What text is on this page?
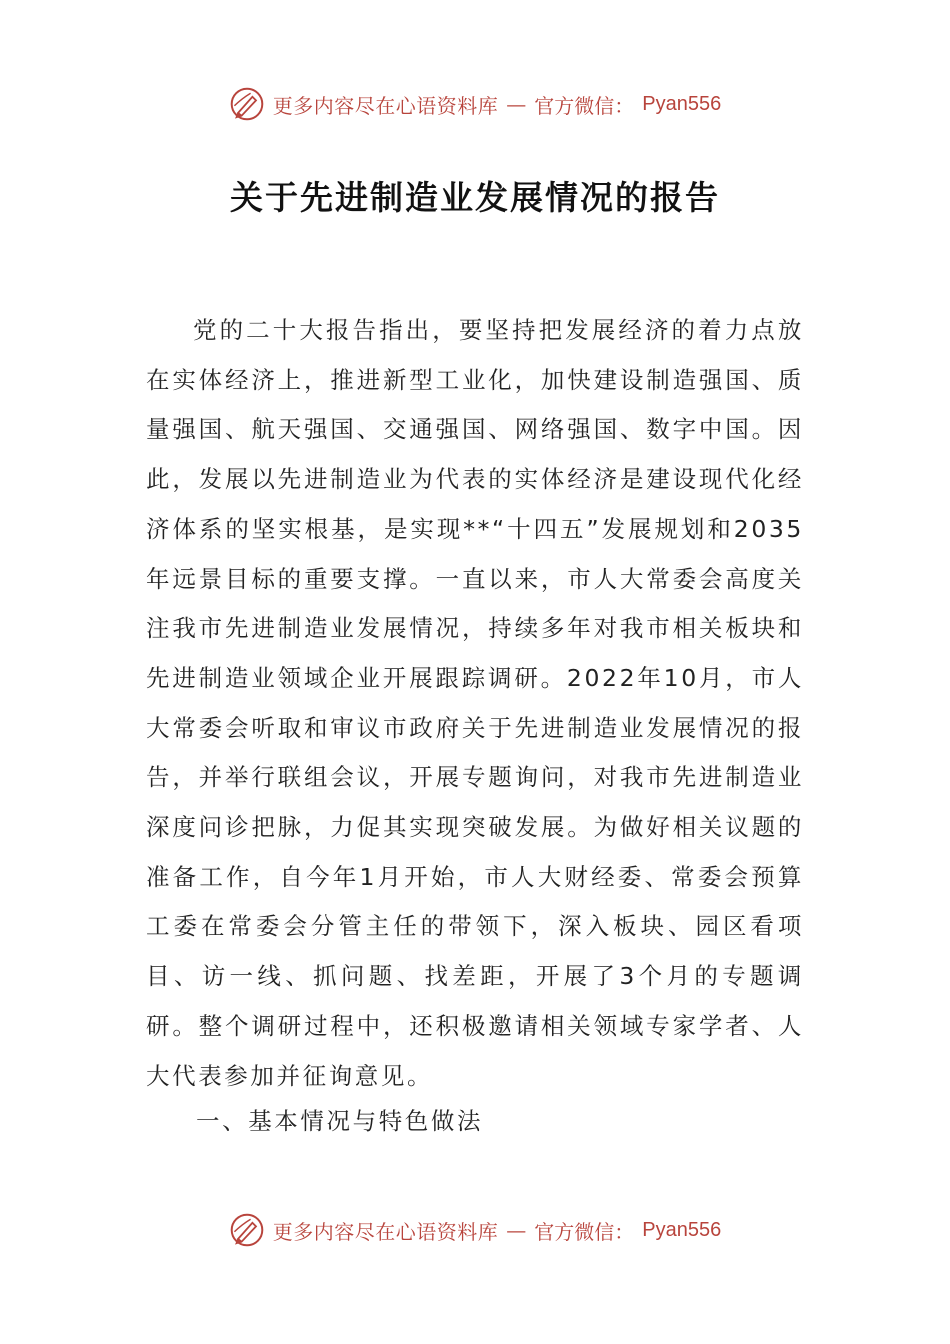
更多内容尽在心语资料库 — 官方微信： Pyan556
关于先进制造业发展情况的报告

党的二十大报告指出，要坚持把发展经济的着力点放在实体经济上，推进新型工业化，加快建设制造强国、质量强国、航天强国、交通强国、网络强国、数字中国。因此，发展以先进制造业为代表的实体经济是建设现代化经济体系的坚实根基，是实现**“十四五”发展规划和2035年远景目标的重要支撑。一直以来，市人大常委会高度关注我市先进制造业发展情况，持续多年对我市相关板块和先进制造业领域企业开展跟踪调研。2022年10月，市人大常委会听取和审议市政府关于先进制造业发展情况的报告，并举行联组会议，开展专题询问，对我市先进制造业深度问诊把脉，力促其实现突破发展。为做好相关议题的准备工作，自今年1月开始，市人大财经委、常委会预算工委在常委会分管主任的带领下，深入板块、园区看项目、访一线、抓问题、找差距，开展了3个月的专题调研。整个调研过程中，还积极邀请相关领域专家学者、人大代表参加并征询意见。

一、基本情况与特色做法

更多内容尽在心语资料库 — 官方微信： Pyan556
